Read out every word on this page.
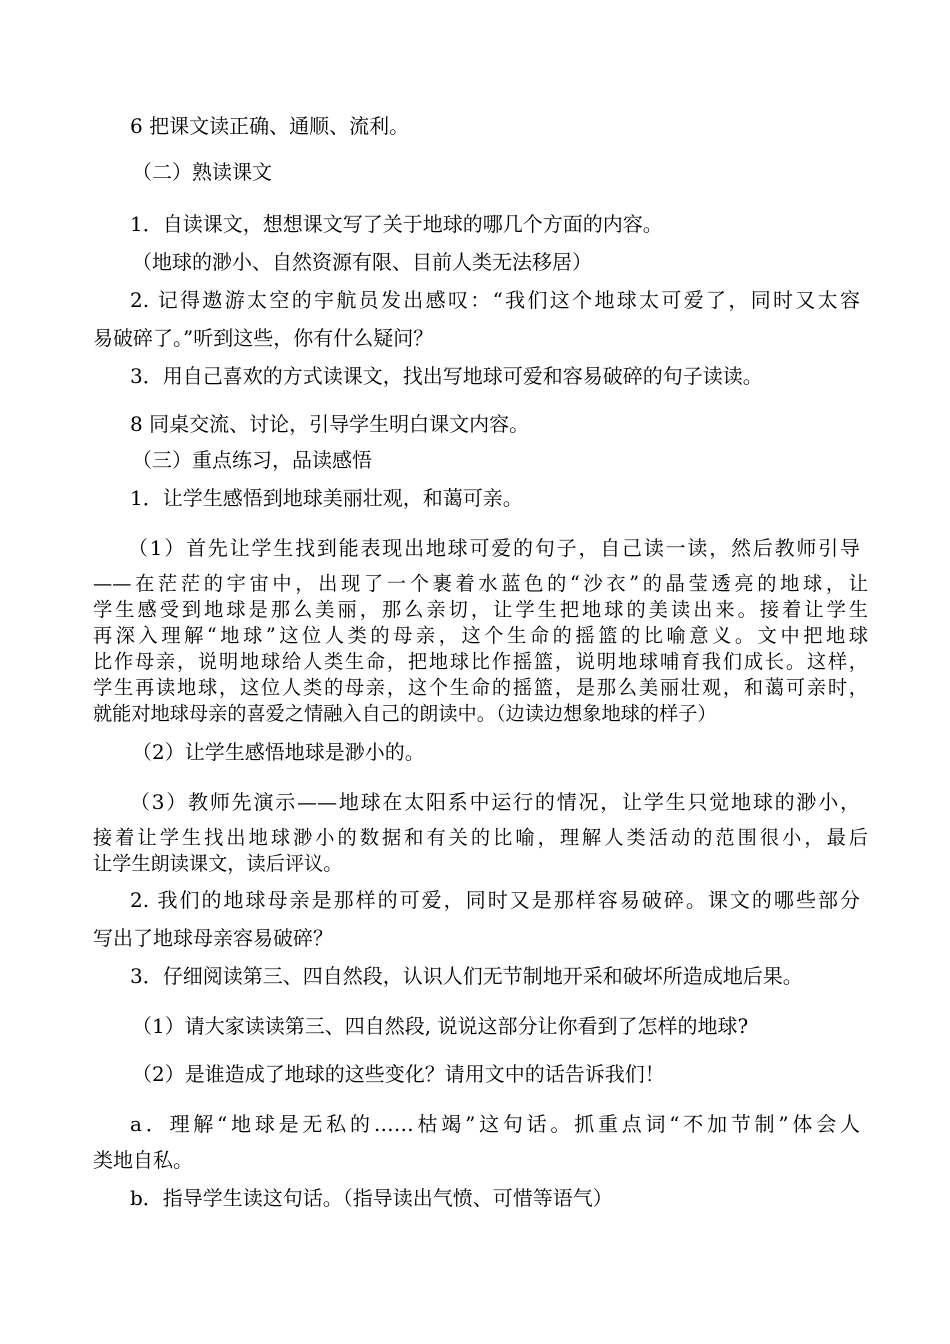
6 把课文读正确、通顺、流利。
（二）熟读课文
1．自读课文，想想课文写了关于地球的哪几个方面的内容。
（地球的渺小、自然资源有限、目前人类无法移居）
2. 记得遨游太空的宇航员发出感叹：“我们这个地球太可爱了，同时又太容
易破碎了。”听到这些，你有什么疑问？
3．用自己喜欢的方式读课文，找出写地球可爱和容易破碎的句子读读。
8 同桌交流、讨论，引导学生明白课文内容。
（三）重点练习，品读感悟
1．让学生感悟到地球美丽壮观，和蔼可亲。
（1）首先让学生找到能表现出地球可爱的句子，自己读一读，然后教师引导
——在茫茫的宇宙中，出现了一个裹着水蓝色的“沙衣”的晶莹透亮的地球，让
学生感受到地球是那么美丽，那么亲切，让学生把地球的美读出来。接着让学生
再深入理解“地球”这位人类的母亲，这个生命的摇篮的比喻意义。文中把地球
比作母亲，说明地球给人类生命，把地球比作摇篮，说明地球哺育我们成长。这样，
学生再读地球，这位人类的母亲，这个生命的摇篮，是那么美丽壮观，和蔼可亲时，
就能对地球母亲的喜爱之情融入自己的朗读中。（边读边想象地球的样子）
（2）让学生感悟地球是渺小的。
（3）教师先演示——地球在太阳系中运行的情况，让学生只觉地球的渺小，
接着让学生找出地球渺小的数据和有关的比喻，理解人类活动的范围很小，最后
让学生朗读课文，读后评议。
2. 我们的地球母亲是那样的可爱，同时又是那样容易破碎。课文的哪些部分
写出了地球母亲容易破碎？
3．仔细阅读第三、四自然段，认识人们无节制地开采和破坏所造成地后果。
（1）请大家读读第三、四自然段, 说说这部分让你看到了怎样的地球?
（2）是谁造成了地球的这些变化？请用文中的话告诉我们！
a．理解“地球是无私的……枯竭”这句话。抓重点词“不加节制”体会人
类地自私。
b．指导学生读这句话。（指导读出气愤、可惜等语气）
